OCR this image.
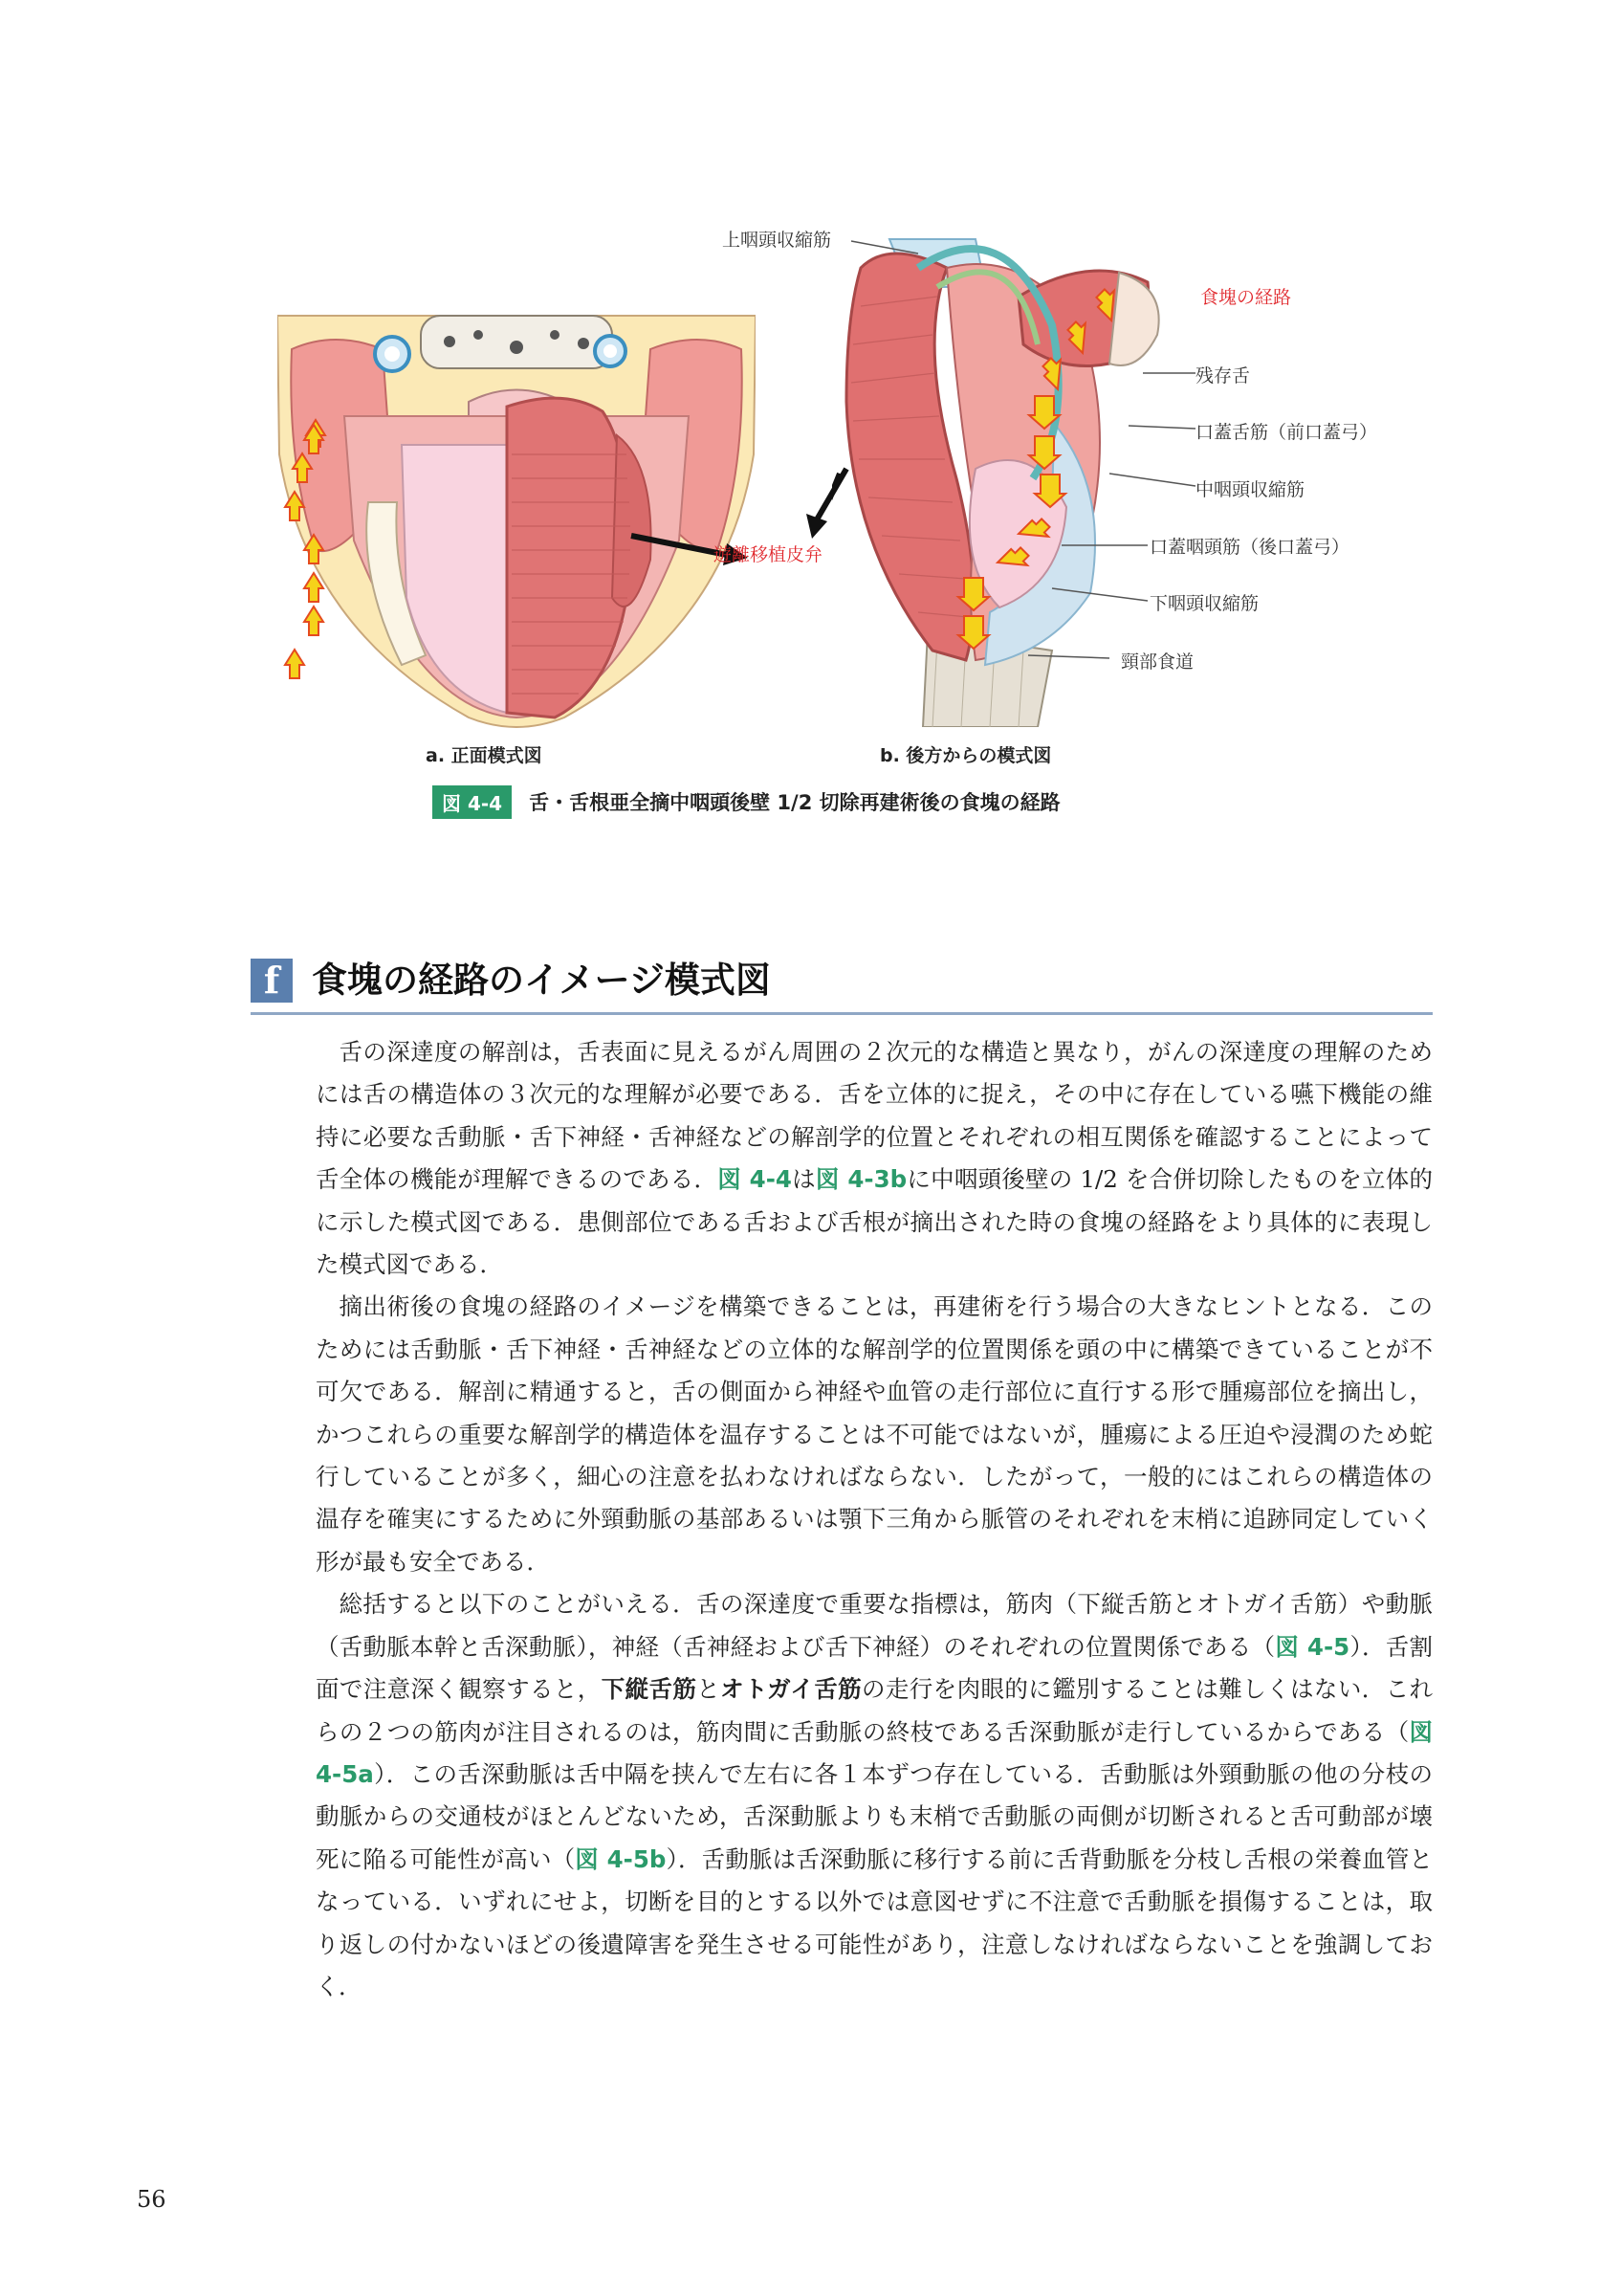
上咽頭収縮筋
食塊の経路
残存舌
口蓋舌筋（前口蓋弓）
中咽頭収縮筋
口蓋咽頭筋（後口蓋弓）
下咽頭収縮筋
頸部食道
遊離移植皮弁
a. 正面模式図	b. 後方からの模式図
図 4-4	舌・舌根亜全摘中咽頭後壁 1/2 切除再建術後の食塊の経路
f 食塊の経路のイメージ模式図

舌の深達度の解剖は，舌表面に見えるがん周囲の２次元的な構造と異なり，がんの深達度の理解のためには舌の構造体の３次元的な理解が必要である．舌を立体的に捉え，その中に存在している嚥下機能の維持に必要な舌動脈・舌下神経・舌神経などの解剖学的位置とそれぞれの相互関係を確認することによって舌全体の機能が理解できるのである．図 4-4は図 4-3bに中咽頭後壁の 1/2 を合併切除したものを立体的に示した模式図である．患側部位である舌および舌根が摘出された時の食塊の経路をより具体的に表現した模式図である．

摘出術後の食塊の経路のイメージを構築できることは，再建術を行う場合の大きなヒントとなる．このためには舌動脈・舌下神経・舌神経などの立体的な解剖学的位置関係を頭の中に構築できていることが不可欠である．解剖に精通すると，舌の側面から神経や血管の走行部位に直行する形で腫瘍部位を摘出し，かつこれらの重要な解剖学的構造体を温存することは不可能ではないが，腫瘍による圧迫や浸潤のため蛇行していることが多く，細心の注意を払わなければならない．したがって，一般的にはこれらの構造体の温存を確実にするために外頸動脈の基部あるいは顎下三角から脈管のそれぞれを末梢に追跡同定していく形が最も安全である．

総括すると以下のことがいえる．舌の深達度で重要な指標は，筋肉（下縦舌筋とオトガイ舌筋）や動脈（舌動脈本幹と舌深動脈），神経（舌神経および舌下神経）のそれぞれの位置関係である（図 4-5）．舌割面で注意深く観察すると，下縦舌筋とオトガイ舌筋の走行を肉眼的に鑑別することは難しくはない．これらの２つの筋肉が注目されるのは，筋肉間に舌動脈の終枝である舌深動脈が走行しているからである（図 4-5a）．この舌深動脈は舌中隔を挟んで左右に各１本ずつ存在している．舌動脈は外頸動脈の他の分枝の動脈からの交通枝がほとんどないため，舌深動脈よりも末梢で舌動脈の両側が切断されると舌可動部が壊死に陥る可能性が高い（図 4-5b）．舌動脈は舌深動脈に移行する前に舌背動脈を分枝し舌根の栄養血管となっている．いずれにせよ，切断を目的とする以外では意図せずに不注意で舌動脈を損傷することは，取り返しの付かないほどの後遺障害を発生させる可能性があり，注意しなければならないことを強調しておく．

56
